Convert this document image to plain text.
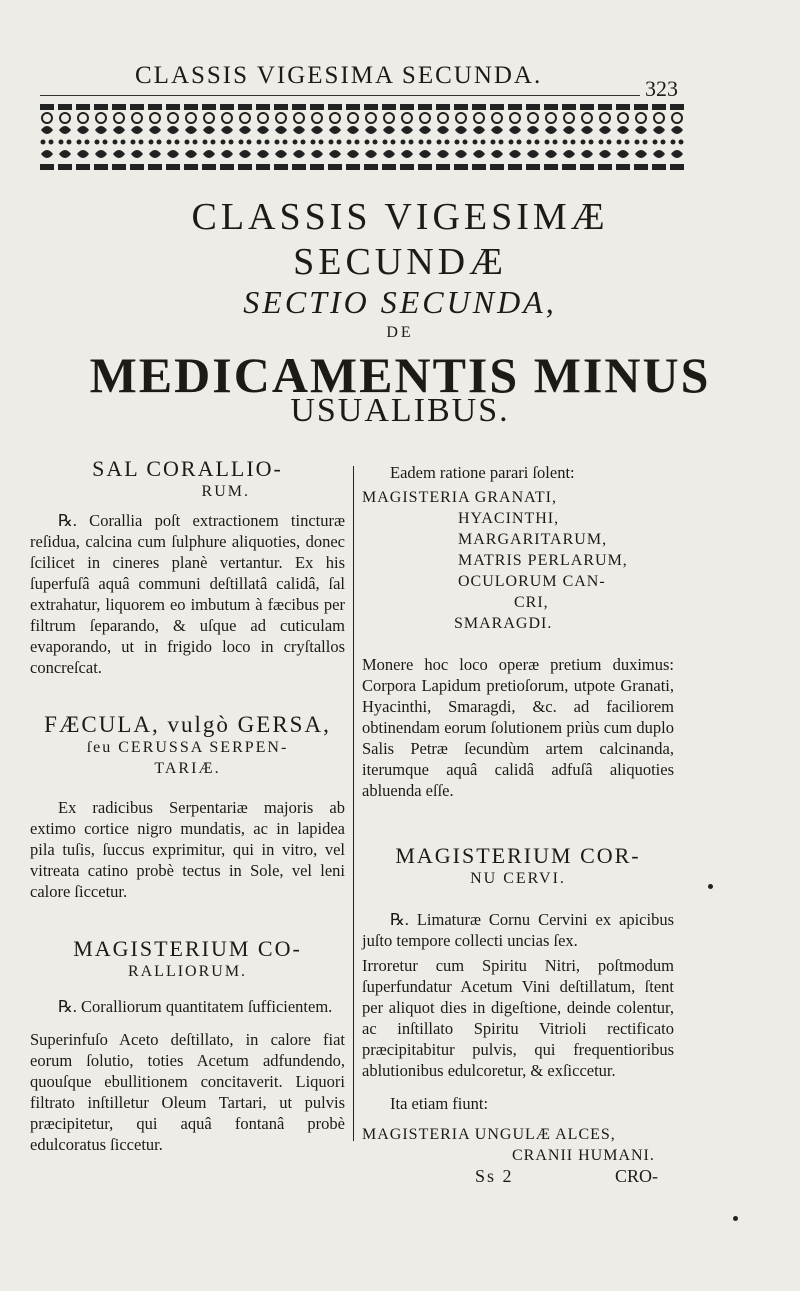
CLASSIS VIGESIMA SECUNDA.	323
CLASSIS VIGESIMÆ
SECUNDÆ
SECTIO SECUNDA,
DE
MEDICAMENTIS MINUS
USUALIBUS.
SAL CORALLIO-
RUM.

℞. Corallia poſt extractionem tincturæ reſidua, calcina cum ſulphure aliquoties, donec ſcilicet in cineres planè vertantur. Ex his ſuperfuſâ aquâ communi deſtillatâ calidâ, ſal extrahatur, liquorem eo imbutum à fæcibus per filtrum ſeparando, & uſque ad cuticulam evaporando, ut in frigido loco in cryſtallos concreſcat.

FÆCULA, vulgò GERSA,
ſeu CERUSSA SERPEN-
TARIÆ.

Ex radicibus Serpentariæ majoris ab extimo cortice nigro mundatis, ac in lapidea pila tuſis, ſuccus exprimitur, qui in vitro, vel vitreata catino probè tectus in Sole, vel leni calore ſiccetur.

MAGISTERIUM CO-
RALLIORUM.

℞. Coralliorum quantitatem ſufficientem.

Superinfuſo Aceto deſtillato, in calore fiat eorum ſolutio, toties Acetum adfundendo, quouſque ebullitionem concitaverit. Liquori filtrato inſtilletur Oleum Tartari, ut pulvis præcipitetur, qui aquâ fontanâ probè edulcoratus ſiccetur.

Eadem ratione parari ſolent:

MAGISTERIA GRANATI,
HYACINTHI,
MARGARITARUM,
MATRIS PERLARUM,
OCULORUM CAN-
CRI,
SMARAGDI.

Monere hoc loco operæ pretium duximus: Corpora Lapidum pretioſorum, utpote Granati, Hyacinthi, Smaragdi, &c. ad faciliorem obtinendam eorum ſolutionem priùs cum duplo Salis Petræ ſecundùm artem calcinanda, iterumque aquâ calidâ adfuſâ aliquoties abluenda eſſe.

MAGISTERIUM COR-
NU CERVI.

℞. Limaturæ Cornu Cervini ex apicibus juſto tempore collecti uncias ſex.

Irroretur cum Spiritu Nitri, poſtmodum ſuperfundatur Acetum Vini deſtillatum, ſtent per aliquot dies in digeſtione, deinde colentur, ac inſtillato Spiritu Vitrioli rectificato præcipitabitur pulvis, qui frequentioribus ablutionibus edulcoretur, & exſiccetur.

Ita etiam fiunt:

MAGISTERIA UNGULÆ ALCES,
CRANII HUMANI.
Ss 2	CRO-
